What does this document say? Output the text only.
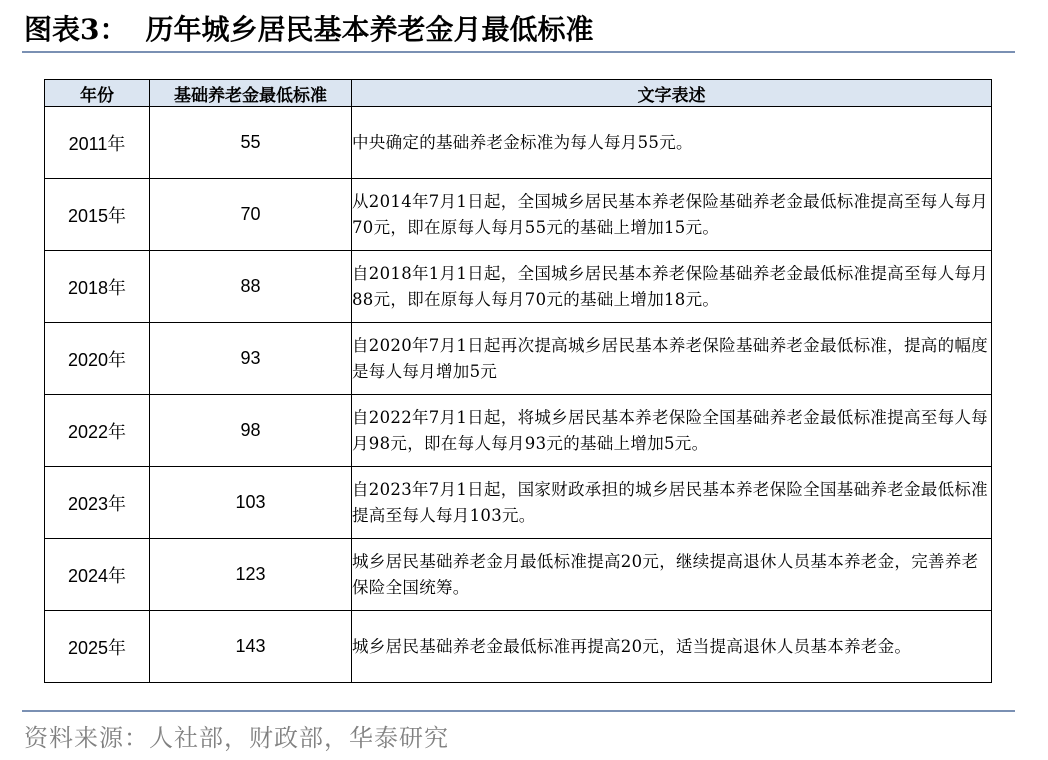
图表3： 历年城乡居民基本养老金月最低标准
年份	基础养老金最低标准	文字表述
2011年	55	中央确定的基础养老金标准为每人每月55元。
2015年	70	从2014年7月1日起，全国城乡居民基本养老保险基础养老金最低标准提高至每人每月70元，即在原每人每月55元的基础上增加15元。
2018年	88	自2018年1月1日起，全国城乡居民基本养老保险基础养老金最低标准提高至每人每月88元，即在原每人每月70元的基础上增加18元。
2020年	93	自2020年7月1日起再次提高城乡居民基本养老保险基础养老金最低标准，提高的幅度是每人每月增加5元
2022年	98	自2022年7月1日起，将城乡居民基本养老保险全国基础养老金最低标准提高至每人每月98元，即在每人每月93元的基础上增加5元。
2023年	103	自2023年7月1日起，国家财政承担的城乡居民基本养老保险全国基础养老金最低标准提高至每人每月103元。
2024年	123	城乡居民基础养老金月最低标准提高20元，继续提高退休人员基本养老金，完善养老保险全国统筹。
2025年	143	城乡居民基础养老金最低标准再提高20元，适当提高退休人员基本养老金。
资料来源：人社部，财政部，华泰研究
